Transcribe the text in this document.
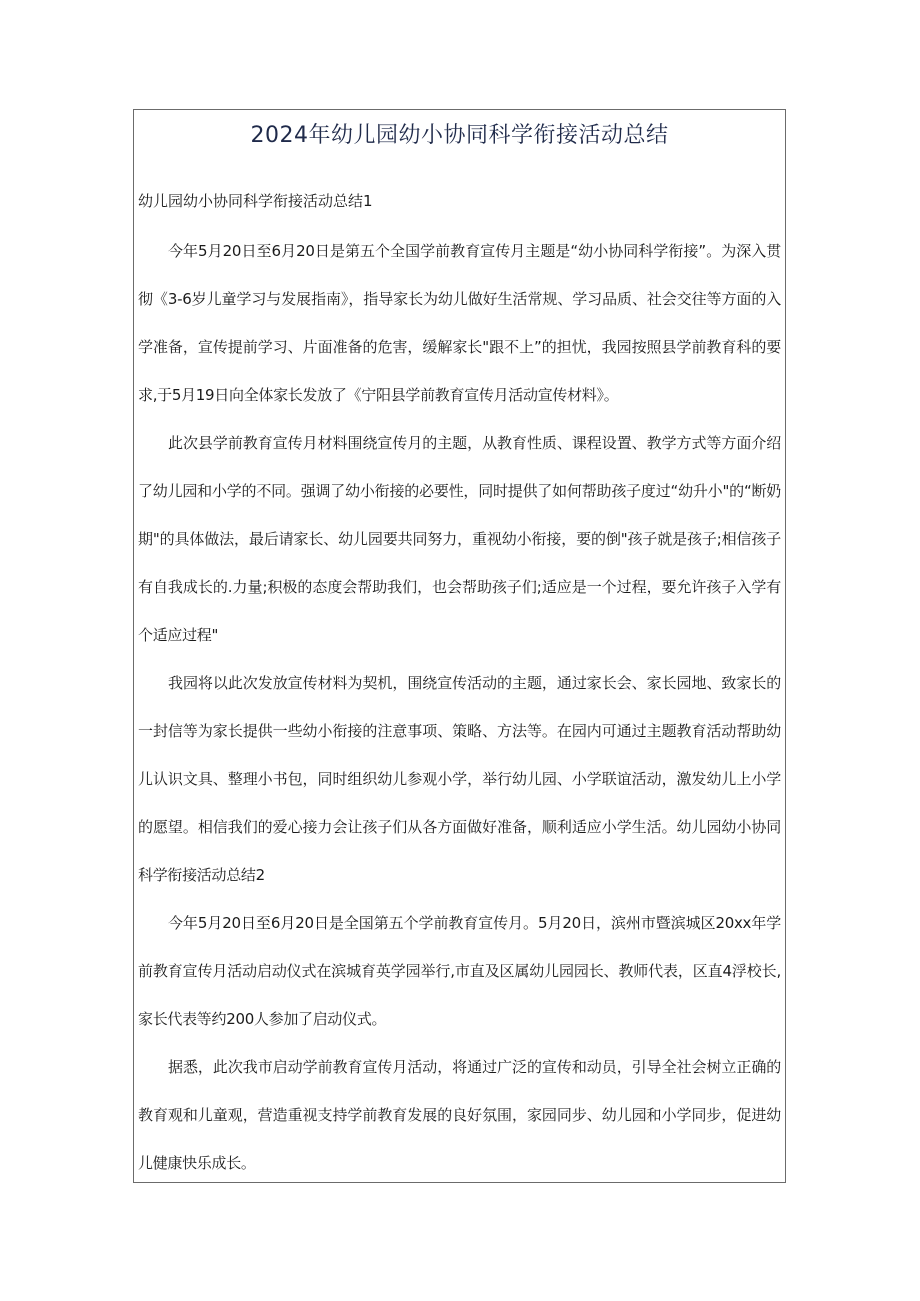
2024年幼儿园幼小协同科学衔接活动总结
幼儿园幼小协同科学衔接活动总结1

今年5月20日至6月20日是第五个全国学前教育宣传月主题是“幼小协同科学衔接”。为深入贯彻《3-6岁儿童学习与发展指南》，指导家长为幼儿做好生活常规、学习品质、社会交往等方面的入学准备，宣传提前学习、片面准备的危害，缓解家长"跟不上”的担忧，我园按照县学前教育科的要求,于5月19日向全体家长发放了《宁阳县学前教育宣传月活动宣传材料》。

此次县学前教育宣传月材料围绕宣传月的主题，从教育性质、课程设置、教学方式等方面介绍了幼儿园和小学的不同。强调了幼小衔接的必要性，同时提供了如何帮助孩子度过“幼升小"的“断奶期"的具体做法，最后请家长、幼儿园要共同努力，重视幼小衔接，要的倒"孩子就是孩子;相信孩子有自我成长的.力量;积极的态度会帮助我们，也会帮助孩子们;适应是一个过程，要允许孩子入学有个适应过程"

我园将以此次发放宣传材料为契机，围绕宣传活动的主题，通过家长会、家长园地、致家长的一封信等为家长提供一些幼小衔接的注意事项、策略、方法等。在园内可通过主题教育活动帮助幼儿认识文具、整理小书包，同时组织幼儿参观小学，举行幼儿园、小学联谊活动，激发幼儿上小学的愿望。相信我们的爱心接力会让孩子们从各方面做好准备，顺利适应小学生活。幼儿园幼小协同科学衔接活动总结2

今年5月20日至6月20日是全国第五个学前教育宣传月。5月20日，滨州市暨滨城区20xx年学前教育宣传月活动启动仪式在滨城育英学园举行,市直及区属幼儿园园长、教师代表，区直4浮校长,家长代表等约200人参加了启动仪式。

据悉，此次我市启动学前教育宣传月活动，将通过广泛的宣传和动员，引导全社会树立正确的教育观和儿童观，营造重视支持学前教育发展的良好氛围，家园同步、幼儿园和小学同步，促进幼儿健康快乐成长。
